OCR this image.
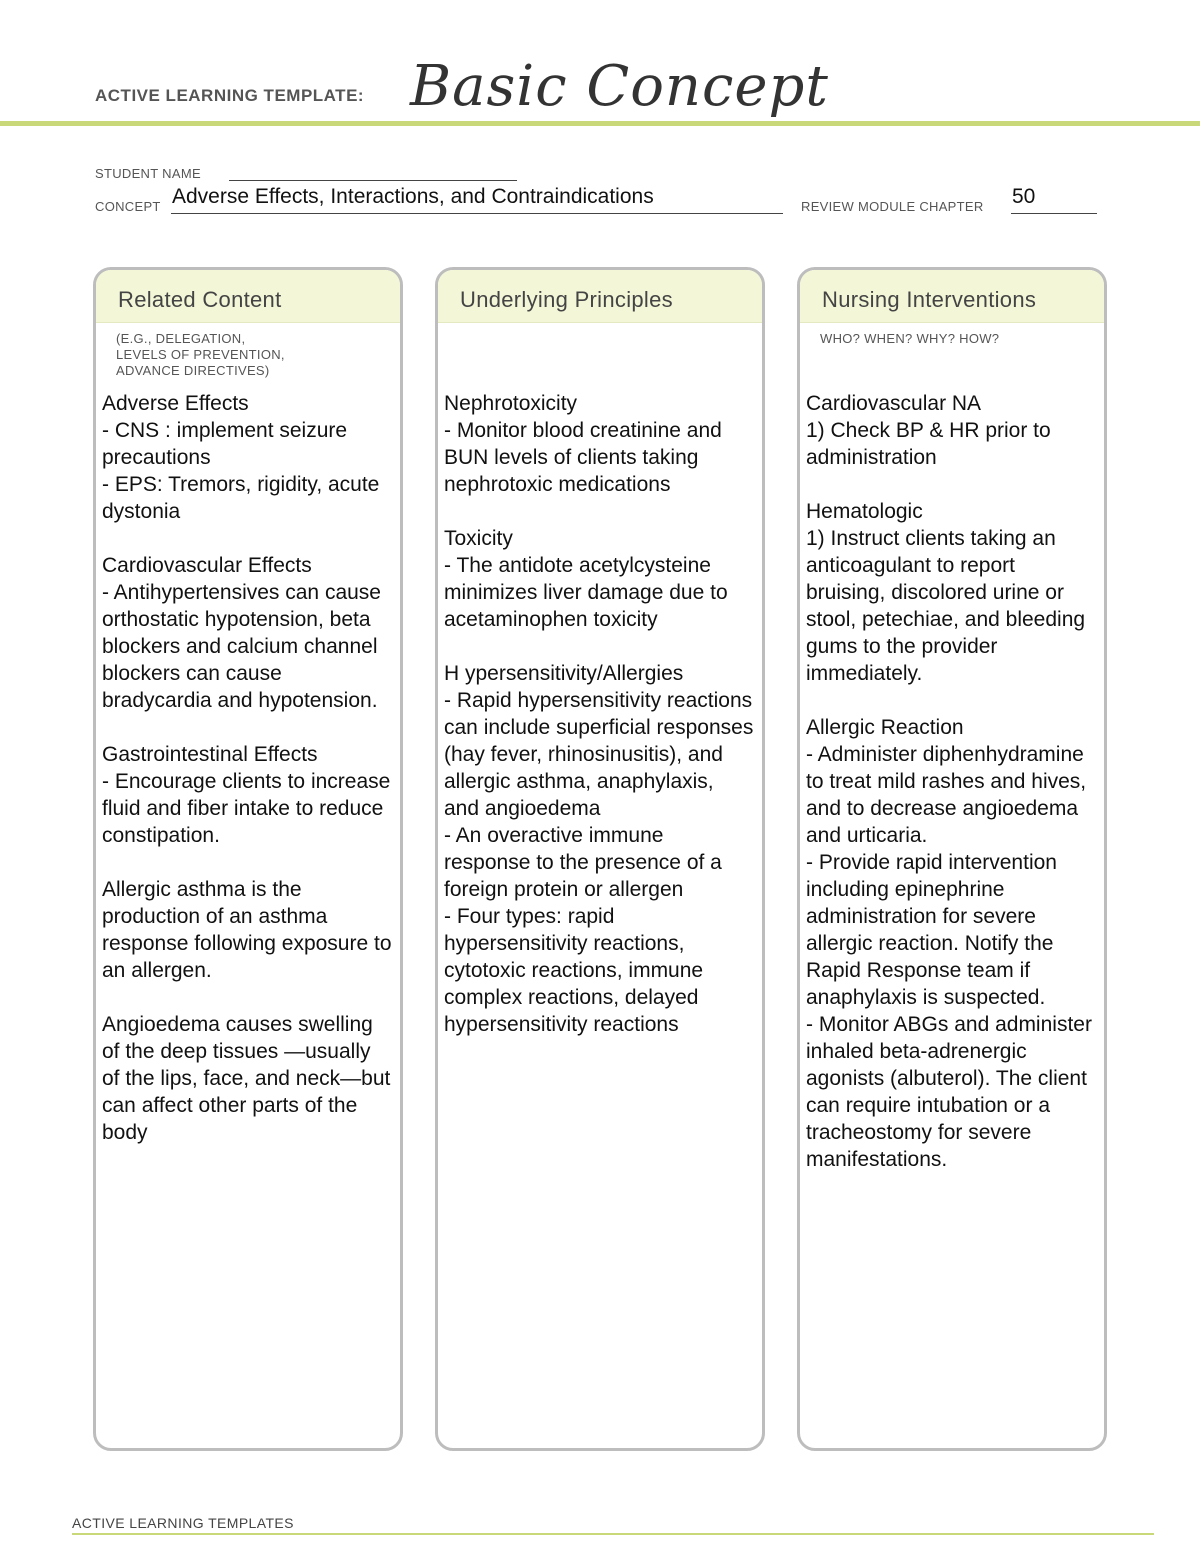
ACTIVE LEARNING TEMPLATE: Basic Concept
STUDENT NAME
CONCEPT Adverse Effects, Interactions, and Contraindications	REVIEW MODULE CHAPTER 50
Related Content
(E.G., DELEGATION,
LEVELS OF PREVENTION,
ADVANCE DIRECTIVES)
Adverse Effects
- CNS : implement seizure precautions
- EPS: Tremors, rigidity, acute dystonia

Cardiovascular Effects
- Antihypertensives can cause orthostatic hypotension, beta blockers and calcium channel blockers can cause bradycardia and hypotension.

Gastrointestinal Effects
- Encourage clients to increase fluid and fiber intake to reduce constipation.

Allergic asthma is the production of an asthma response following exposure to an allergen.

Angioedema causes swelling of the deep tissues —usually of the lips, face, and neck—but can affect other parts of the body
Underlying Principles
Nephrotoxicity
- Monitor blood creatinine and BUN levels of clients taking nephrotoxic medications

Toxicity
- The antidote acetylcysteine minimizes liver damage due to acetaminophen toxicity

H ypersensitivity/Allergies
- Rapid hypersensitivity reactions can include superficial responses (hay fever, rhinosinusitis), and allergic asthma, anaphylaxis, and angioedema
- An overactive immune response to the presence of a foreign protein or allergen
- Four types: rapid hypersensitivity reactions, cytotoxic reactions, immune complex reactions, delayed hypersensitivity reactions
Nursing Interventions
WHO? WHEN? WHY? HOW?
Cardiovascular NA
1) Check BP & HR prior to administration

Hematologic
1) Instruct clients taking an anticoagulant to report bruising, discolored urine or stool, petechiae, and bleeding gums to the provider immediately.

Allergic Reaction
- Administer diphenhydramine to treat mild rashes and hives, and to decrease angioedema and urticaria.
- Provide rapid intervention including epinephrine administration for severe allergic reaction. Notify the Rapid Response team if anaphylaxis is suspected.
- Monitor ABGs and administer inhaled beta-adrenergic agonists (albuterol). The client can require intubation or a tracheostomy for severe manifestations.
ACTIVE LEARNING TEMPLATES
